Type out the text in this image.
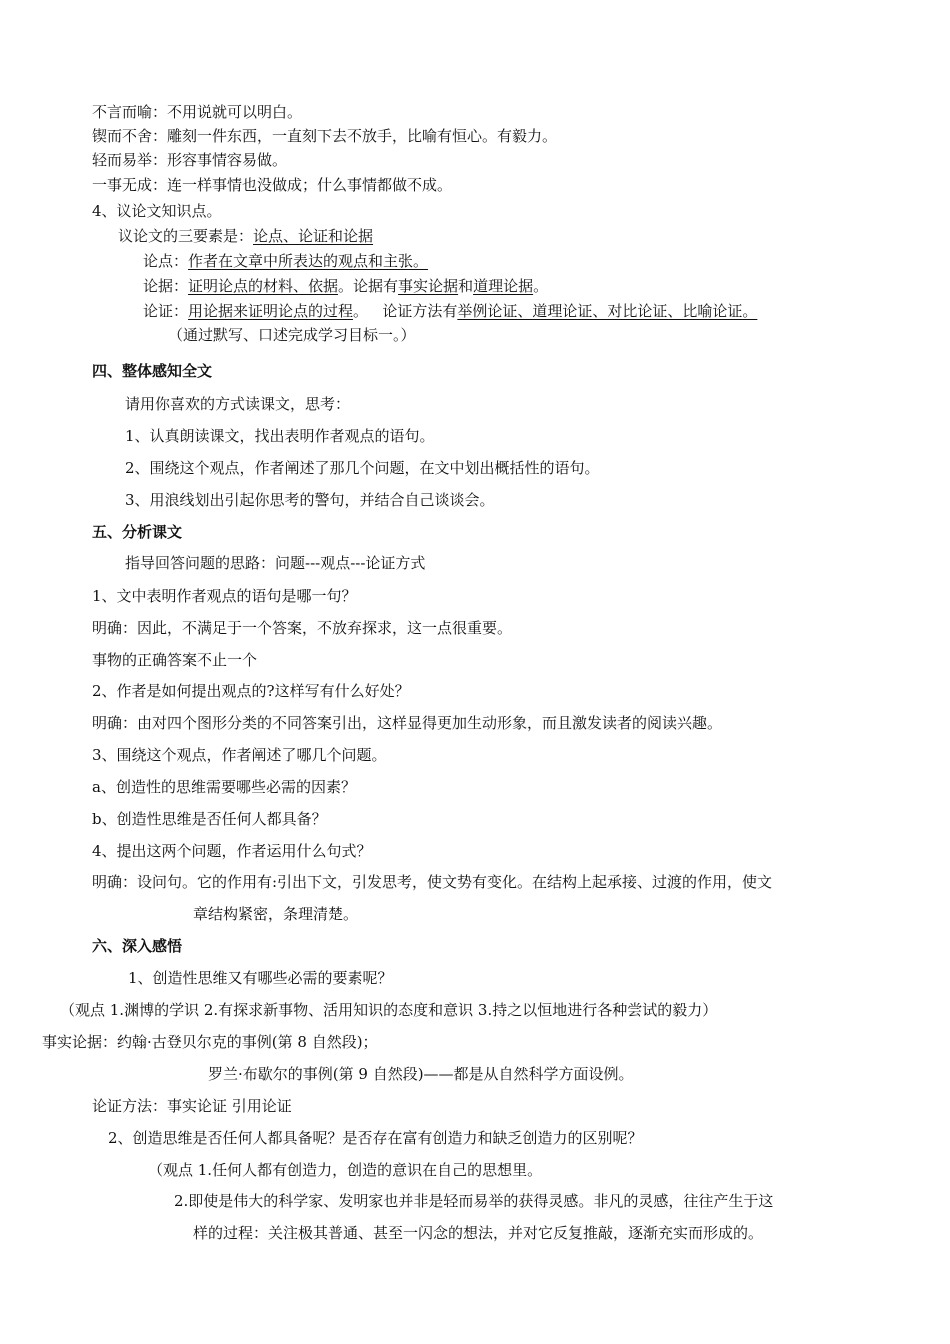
不言而喻：不用说就可以明白。
锲而不舍：雕刻一件东西，一直刻下去不放手，比喻有恒心。有毅力。
轻而易举：形容事情容易做。
一事无成：连一样事情也没做成；什么事情都做不成。
4、议论文知识点。
议论文的三要素是：论点、论证和论据
论点：作者在文章中所表达的观点和主张。
论据：证明论点的材料、依据。论据有事实论据和道理论据。
论证：用论据来证明论点的过程。   论证方法有举例论证、道理论证、对比论证、比喻论证。
（通过默写、口述完成学习目标一。）
四、整体感知全文
请用你喜欢的方式读课文，思考：
1、认真朗读课文，找出表明作者观点的语句。
2、围绕这个观点，作者阐述了那几个问题，在文中划出概括性的语句。
3、用浪线划出引起你思考的警句，并结合自己谈谈会。
五、分析课文
指导回答问题的思路：问题---观点---论证方式
1、文中表明作者观点的语句是哪一句？
明确：因此，不满足于一个答案，不放弃探求，这一点很重要。
事物的正确答案不止一个
2、作者是如何提出观点的?这样写有什么好处？
明确：由对四个图形分类的不同答案引出，这样显得更加生动形象，而且激发读者的阅读兴趣。
3、围绕这个观点，作者阐述了哪几个问题。
a、创造性的思维需要哪些必需的因素？
b、创造性思维是否任何人都具备？
4、提出这两个问题，作者运用什么句式？
明确：设问句。它的作用有:引出下文，引发思考，使文势有变化。在结构上起承接、过渡的作用，使文
章结构紧密，条理清楚。
六、深入感悟
1、创造性思维又有哪些必需的要素呢？
（观点 1.渊博的学识 2.有探求新事物、活用知识的态度和意识 3.持之以恒地进行各种尝试的毅力）
事实论据：约翰·古登贝尔克的事例(第 8 自然段)；
罗兰·布歇尔的事例(第 9 自然段)——都是从自然科学方面设例。
论证方法：事实论证 引用论证
2、创造思维是否任何人都具备呢？是否存在富有创造力和缺乏创造力的区别呢？
（观点 1.任何人都有创造力，创造的意识在自己的思想里。
2.即使是伟大的科学家、发明家也并非是轻而易举的获得灵感。非凡的灵感，往往产生于这
样的过程：关注极其普通、甚至一闪念的想法，并对它反复推敲，逐渐充实而形成的。
